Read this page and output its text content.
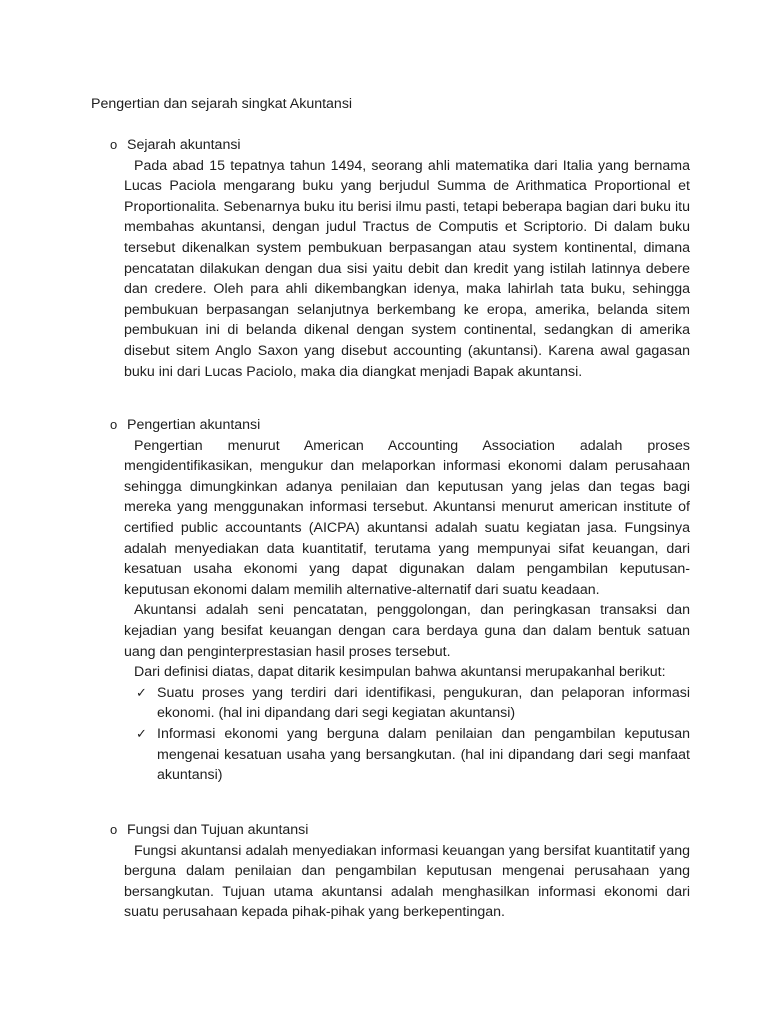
Pengertian dan sejarah singkat Akuntansi
o Sejarah akuntansi

Pada abad 15 tepatnya tahun 1494, seorang ahli matematika dari Italia yang bernama Lucas Paciola mengarang buku yang berjudul Summa de Arithmatica Proportional et Proportionalita. Sebenarnya buku itu berisi ilmu pasti, tetapi beberapa bagian dari buku itu membahas akuntansi, dengan judul Tractus de Computis et Scriptorio. Di dalam buku tersebut dikenalkan system pembukuan berpasangan atau system kontinental, dimana pencatatan dilakukan dengan dua sisi yaitu debit dan kredit yang istilah latinnya debere dan credere. Oleh para ahli dikembangkan idenya, maka lahirlah tata buku, sehingga pembukuan berpasangan selanjutnya berkembang ke eropa, amerika, belanda sitem pembukuan ini di belanda dikenal dengan system continental, sedangkan di amerika disebut sitem Anglo Saxon yang disebut accounting (akuntansi). Karena awal gagasan buku ini dari Lucas Paciolo, maka dia diangkat menjadi Bapak akuntansi.

o Pengertian akuntansi

Pengertian menurut American Accounting Association adalah proses mengidentifikasikan, mengukur dan melaporkan informasi ekonomi dalam perusahaan sehingga dimungkinkan adanya penilaian dan keputusan yang jelas dan tegas bagi mereka yang menggunakan informasi tersebut. Akuntansi menurut american institute of certified public accountants (AICPA) akuntansi adalah suatu kegiatan jasa. Fungsinya adalah menyediakan data kuantitatif, terutama yang mempunyai sifat keuangan, dari kesatuan usaha ekonomi yang dapat digunakan dalam pengambilan keputusan-keputusan ekonomi dalam memilih alternative-alternatif dari suatu keadaan.

Akuntansi adalah seni pencatatan, penggolongan, dan peringkasan transaksi dan kejadian yang besifat keuangan dengan cara berdaya guna dan dalam bentuk satuan uang dan penginterprestasian hasil proses tersebut.

Dari definisi diatas, dapat ditarik kesimpulan bahwa akuntansi merupakanhal berikut:
✓ Suatu proses yang terdiri dari identifikasi, pengukuran, dan pelaporan informasi ekonomi. (hal ini dipandang dari segi kegiatan akuntansi)
✓ Informasi ekonomi yang berguna dalam penilaian dan pengambilan keputusan mengenai kesatuan usaha yang bersangkutan. (hal ini dipandang dari segi manfaat akuntansi)
o Fungsi dan Tujuan akuntansi

Fungsi akuntansi adalah menyediakan informasi keuangan yang bersifat kuantitatif yang berguna dalam penilaian dan pengambilan keputusan mengenai perusahaan yang bersangkutan. Tujuan utama akuntansi adalah menghasilkan informasi ekonomi dari suatu perusahaan kepada pihak-pihak yang berkepentingan.
